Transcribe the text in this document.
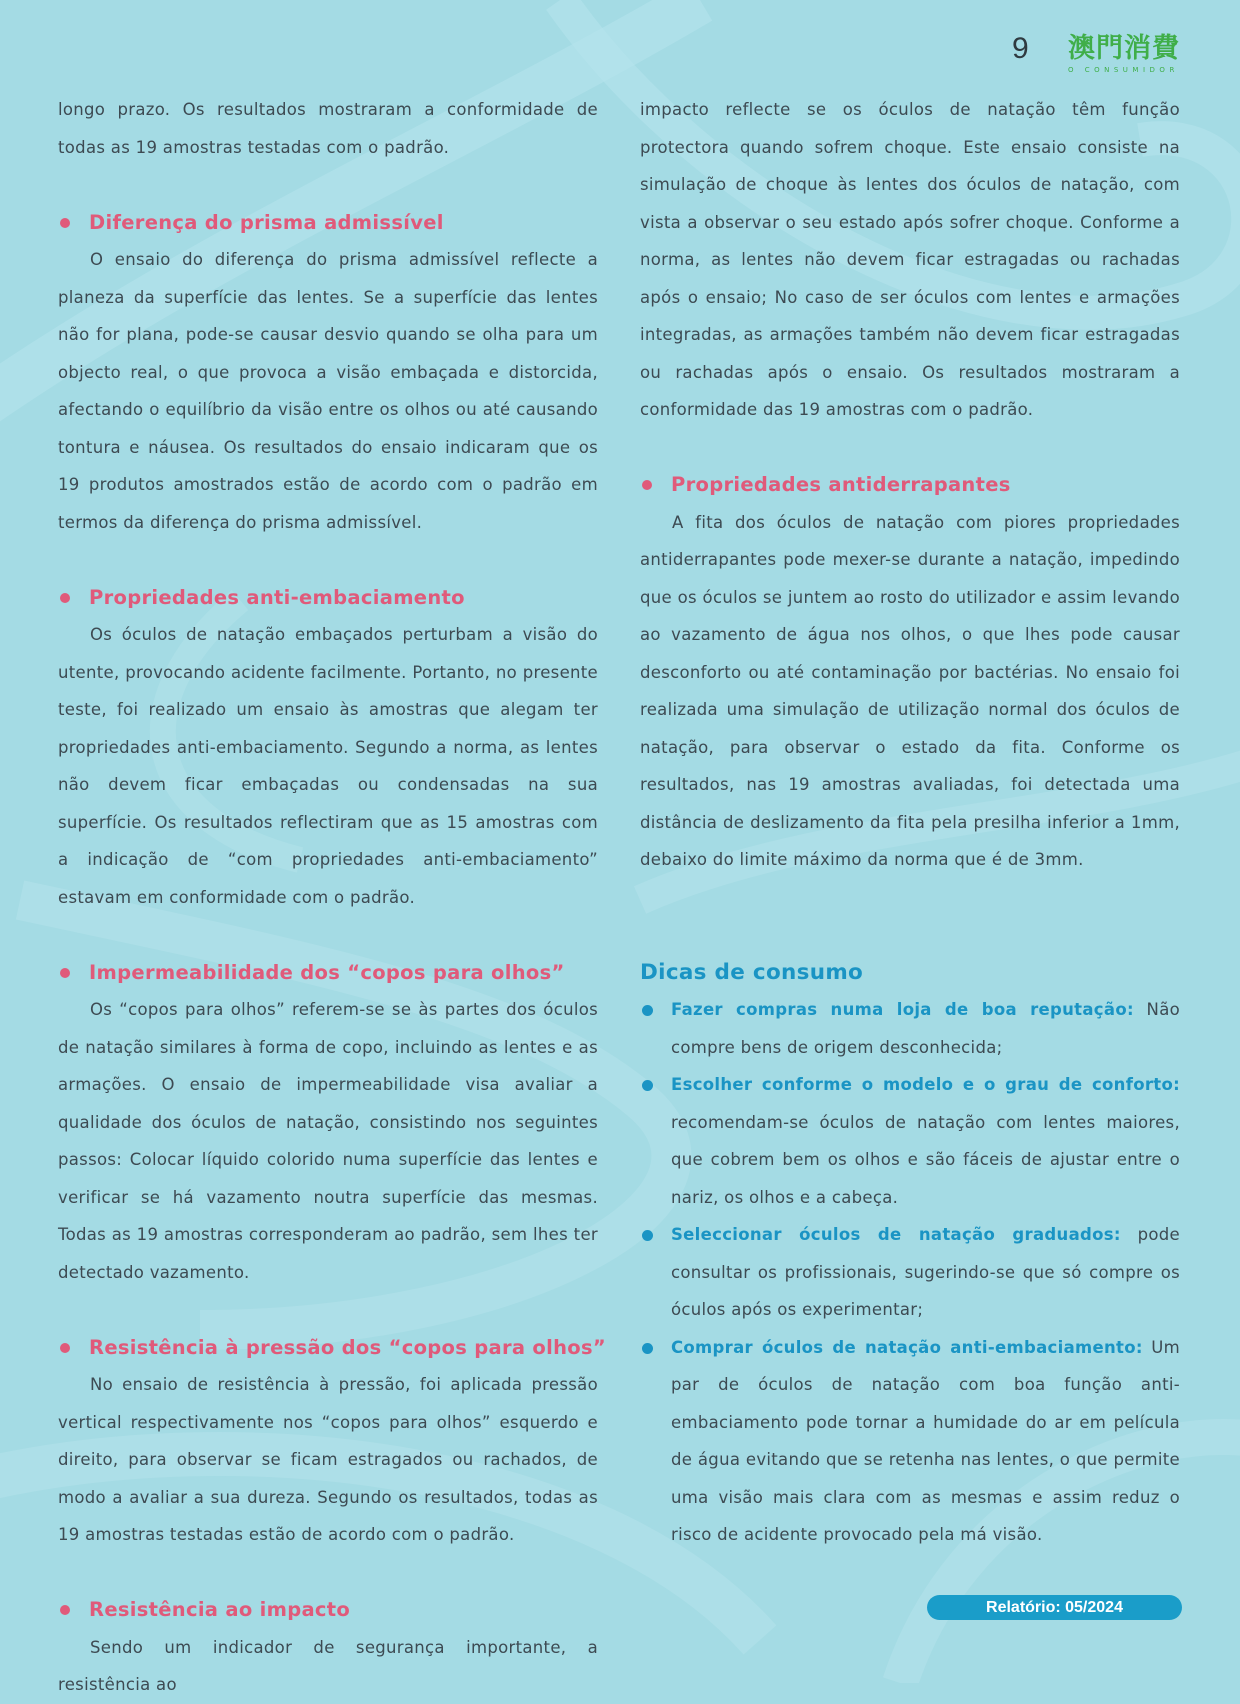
9 澳門消費
O CONSUMIDOR

longo prazo. Os resultados mostraram a conformidade de todas as 19 amostras testadas com o padrão.

Diferença do prisma admissível

O ensaio do diferença do prisma admissível reflecte a planeza da superfície das lentes. Se a superfície das lentes não for plana, pode-se causar desvio quando se olha para um objecto real, o que provoca a visão embaçada e distorcida, afectando o equilíbrio da visão entre os olhos ou até causando tontura e náusea. Os resultados do ensaio indicaram que os 19 produtos amostrados estão de acordo com o padrão em termos da diferença do prisma admissível.

Propriedades anti-embaciamento

Os óculos de natação embaçados perturbam a visão do utente, provocando acidente facilmente. Portanto, no presente teste, foi realizado um ensaio às amostras que alegam ter propriedades anti-embaciamento. Segundo a norma, as lentes não devem ficar embaçadas ou condensadas na sua superfície. Os resultados reflectiram que as 15 amostras com a indicação de “com propriedades anti-embaciamento” estavam em conformidade com o padrão.

Impermeabilidade dos “copos para olhos”

Os “copos para olhos” referem-se se às partes dos óculos de natação similares à forma de copo, incluindo as lentes e as armações. O ensaio de impermeabilidade visa avaliar a qualidade dos óculos de natação, consistindo nos seguintes passos: Colocar líquido colorido numa superfície das lentes e verificar se há vazamento noutra superfície das mesmas. Todas as 19 amostras corresponderam ao padrão, sem lhes ter detectado vazamento.

Resistência à pressão dos “copos para olhos”

No ensaio de resistência à pressão, foi aplicada pressão vertical respectivamente nos “copos para olhos” esquerdo e direito, para observar se ficam estragados ou rachados, de modo a avaliar a sua dureza. Segundo os resultados, todas as 19 amostras testadas estão de acordo com o padrão.

Resistência ao impacto

Sendo um indicador de segurança importante, a resistência ao

impacto reflecte se os óculos de natação têm função protectora quando sofrem choque. Este ensaio consiste na simulação de choque às lentes dos óculos de natação, com vista a observar o seu estado após sofrer choque. Conforme a norma, as lentes não devem ficar estragadas ou rachadas após o ensaio; No caso de ser óculos com lentes e armações integradas, as armações também não devem ficar estragadas ou rachadas após o ensaio. Os resultados mostraram a conformidade das 19 amostras com o padrão.

Propriedades antiderrapantes

A fita dos óculos de natação com piores propriedades antiderrapantes pode mexer-se durante a natação, impedindo que os óculos se juntem ao rosto do utilizador e assim levando ao vazamento de água nos olhos, o que lhes pode causar desconforto ou até contaminação por bactérias. No ensaio foi realizada uma simulação de utilização normal dos óculos de natação, para observar o estado da fita. Conforme os resultados, nas 19 amostras avaliadas, foi detectada uma distância de deslizamento da fita pela presilha inferior a 1mm, debaixo do limite máximo da norma que é de 3mm.

Dicas de consumo

Fazer compras numa loja de boa reputação: Não compre bens de origem desconhecida;

Escolher conforme o modelo e o grau de conforto: recomendam-se óculos de natação com lentes maiores, que cobrem bem os olhos e são fáceis de ajustar entre o nariz, os olhos e a cabeça.

Seleccionar óculos de natação graduados: pode consultar os profissionais, sugerindo-se que só compre os óculos após os experimentar;

Comprar óculos de natação anti-embaciamento: Um par de óculos de natação com boa função anti-embaciamento pode tornar a humidade do ar em película de água evitando que se retenha nas lentes, o que permite uma visão mais clara com as mesmas e assim reduz o risco de acidente provocado pela má visão.

Relatório: 05/2024
